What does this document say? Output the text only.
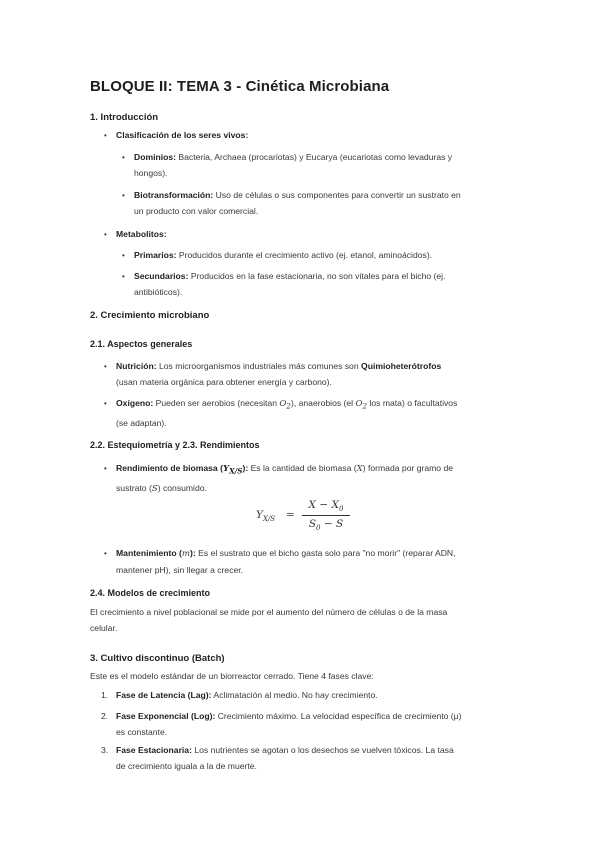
BLOQUE II: TEMA 3 - Cinética Microbiana
1. Introducción
• Clasificación de los seres vivos:
• Dominios: Bacteria, Archaea (procariotas) y Eucarya (eucariotas como levaduras y
hongos).
• Biotransformación: Uso de células o sus componentes para convertir un sustrato en
un producto con valor comercial.
• Metabolitos:
• Primarios: Producidos durante el crecimiento activo (ej. etanol, aminoácidos).
• Secundarios: Producidos en la fase estacionaria, no son vitales para el bicho (ej.
antibióticos).
2. Crecimiento microbiano
2.1. Aspectos generales
• Nutrición: Los microorganismos industriales más comunes son Quimioheterótrofos
(usan materia orgánica para obtener energía y carbono).
• Oxígeno: Pueden ser aerobios (necesitan $O_2$), anaerobios (el $O_2$ los mata) o facultativos
(se adaptan).
2.2. Estequiometría y 2.3. Rendimientos
• Rendimiento de biomasa $(Y_{X/S})$: Es la cantidad de biomasa (X) formada por gramo de
sustrato (S) consumido.
$Y_{X/S}$ =
$X - X_0$
$S_0 - S$
• Mantenimiento (m): Es el sustrato que el bicho gasta solo para "no morir" (reparar ADN,
mantener pH), sin llegar a crecer.
2.4. Modelos de crecimiento
El crecimiento a nivel poblacional se mide por el aumento del número de células o de la masa
celular.
3. Cultivo discontinuo (Batch)
Este es el modelo estándar de un biorreactor cerrado. Tiene 4 fases clave:
1. Fase de Latencia (Lag): Aclimatación al medio. No hay crecimiento.
2. Fase Exponencial (Log): Crecimiento máximo. La velocidad específica de crecimiento (μ)
es constante.
3. Fase Estacionaria: Los nutrientes se agotan o los desechos se vuelven tóxicos. La tasa
de crecimiento iguala a la de muerte.
